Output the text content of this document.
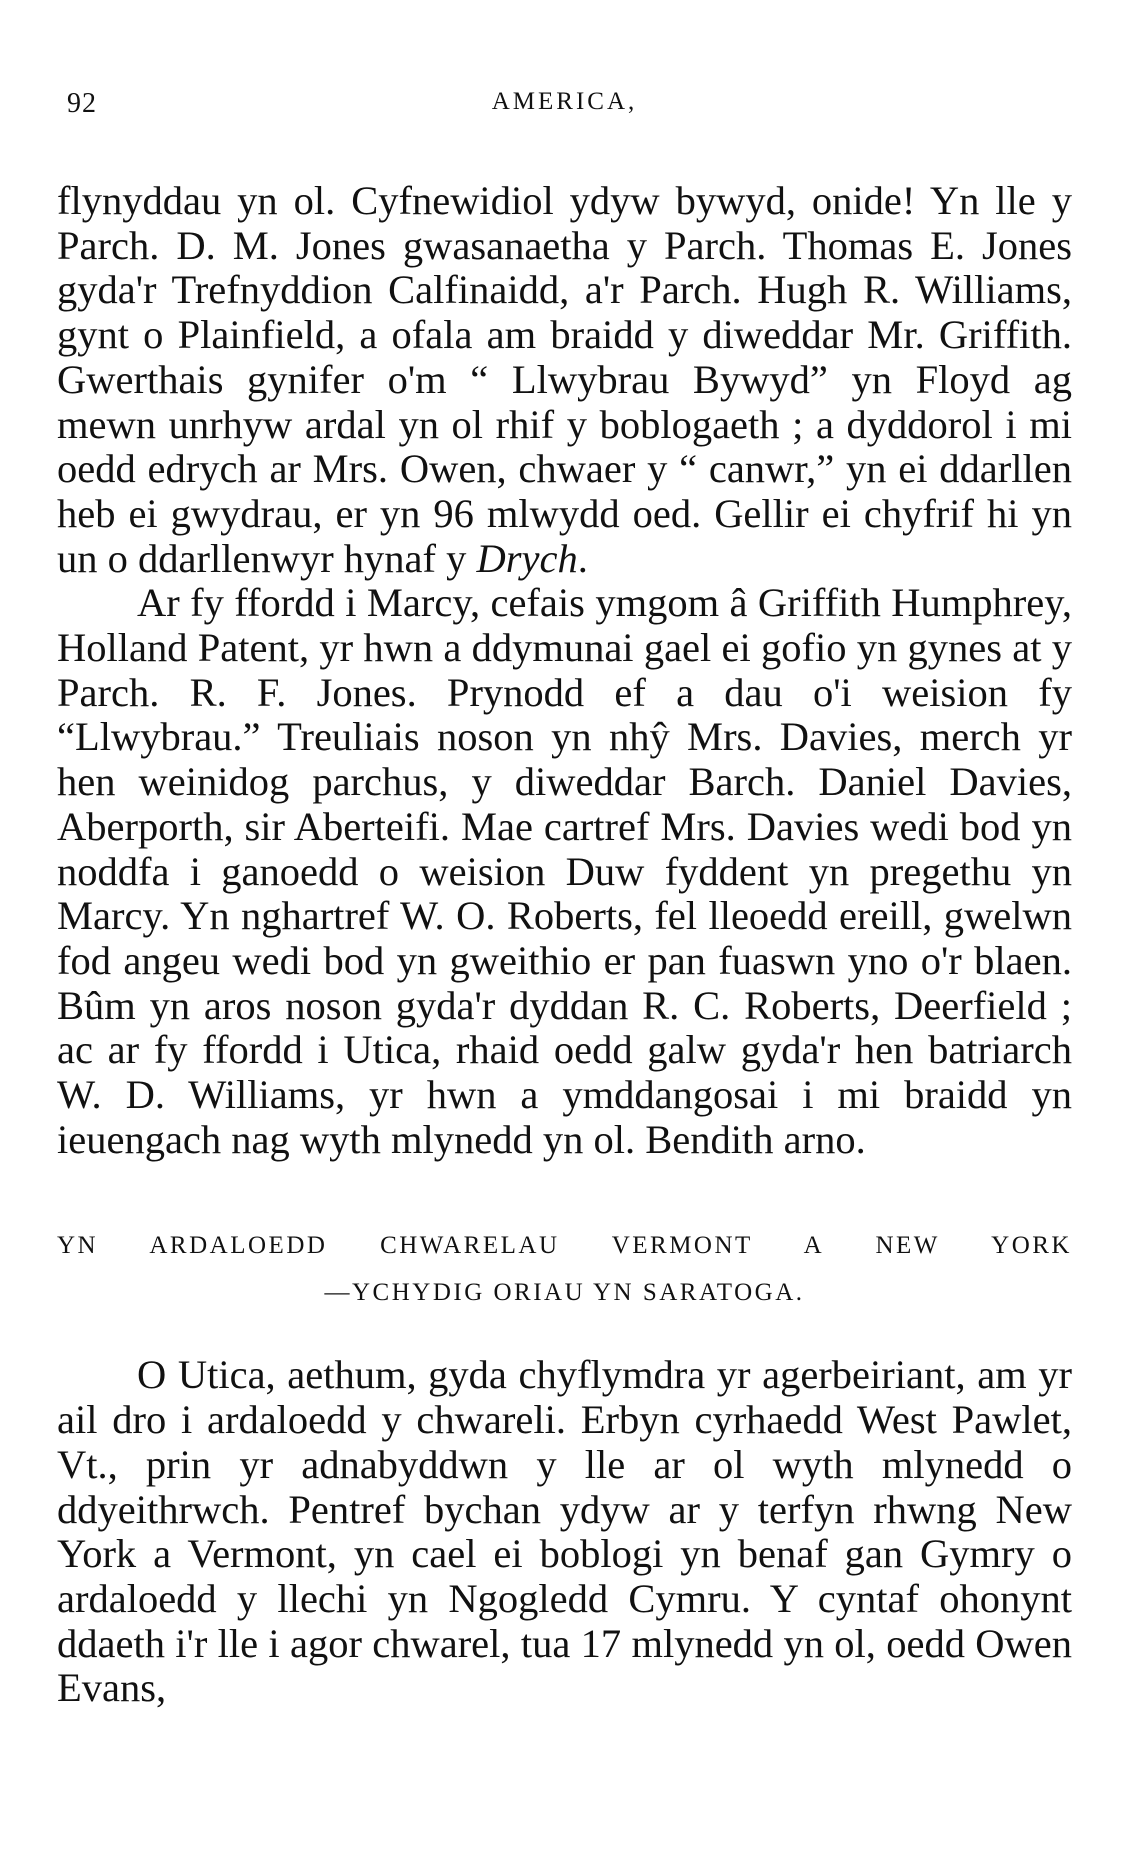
92	AMERICA,

flynyddau yn ol. Cyfnewidiol ydyw bywyd, onide! Yn lle y Parch. D. M. Jones gwasanaetha y Parch. Thomas E. Jones gyda'r Trefnyddion Calfinaidd, a'r Parch. Hugh R. Williams, gynt o Plainfield, a ofala am braidd y diweddar Mr. Griffith. Gwerthais gynifer o'm “ Llwybrau Bywyd” yn Floyd ag mewn unrhyw ardal yn ol rhif y boblogaeth ; a dyddorol i mi oedd edrych ar Mrs. Owen, chwaer y “ canwr,” yn ei ddarllen heb ei gwydrau, er yn 96 mlwydd oed. Gellir ei chyfrif hi yn un o ddarllenwyr hynaf y Drych.

Ar fy ffordd i Marcy, cefais ymgom â Griffith Humphrey, Holland Patent, yr hwn a ddymunai gael ei gofio yn gynes at y Parch. R. F. Jones. Prynodd ef a dau o'i weision fy “Llwybrau.” Treuliais noson yn nhŷ Mrs. Davies, merch yr hen weinidog parchus, y diweddar Barch. Daniel Davies, Aberporth, sir Aberteifi. Mae cartref Mrs. Davies wedi bod yn noddfa i ganoedd o weision Duw fyddent yn pregethu yn Marcy. Yn nghartref W. O. Roberts, fel lleoedd ereill, gwelwn fod angeu wedi bod yn gweithio er pan fuaswn yno o'r blaen. Bûm yn aros noson gyda'r dyddan R. C. Roberts, Deerfield ; ac ar fy ffordd i Utica, rhaid oedd galw gyda'r hen batriarch W. D. Williams, yr hwn a ymddangosai i mi braidd yn ieuengach nag wyth mlynedd yn ol. Bendith arno.

YN ARDALOEDD CHWARELAU VERMONT A NEW YORK
—YCHYDIG ORIAU YN SARATOGA.

O Utica, aethum, gyda chyflymdra yr agerbeiriant, am yr ail dro i ardaloedd y chwareli. Erbyn cyrhaedd West Pawlet, Vt., prin yr adnabyddwn y lle ar ol wyth mlynedd o ddyeithrwch. Pentref bychan ydyw ar y terfyn rhwng New York a Vermont, yn cael ei boblogi yn benaf gan Gymry o ardaloedd y llechi yn Ngogledd Cymru. Y cyntaf ohonynt ddaeth i'r lle i agor chwarel, tua 17 mlynedd yn ol, oedd Owen Evans,
